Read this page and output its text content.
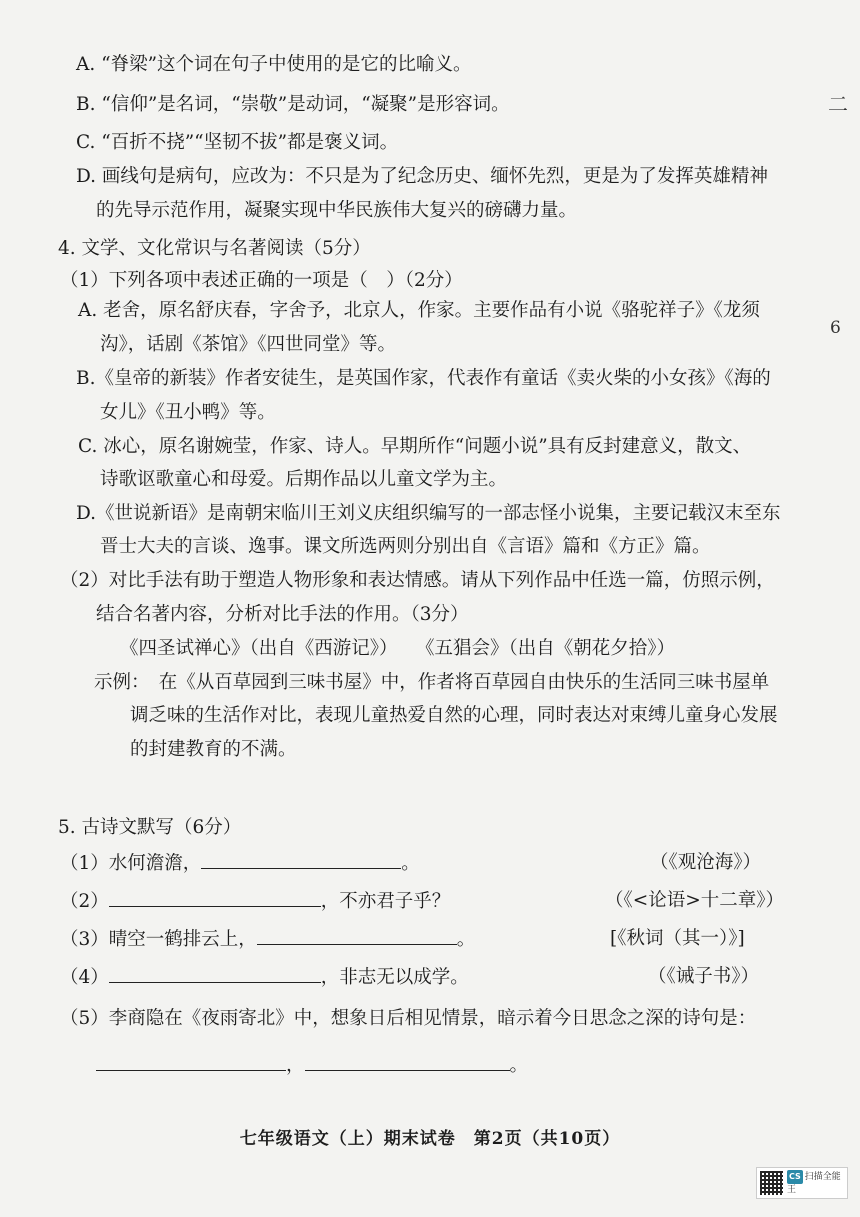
A. “脊梁”这个词在句子中使用的是它的比喻义。
B. “信仰”是名词，“崇敬”是动词，“凝聚”是形容词。
C. “百折不挠”“坚韧不拔”都是褒义词。
D. 画线句是病句，应改为：不只是为了纪念历史、缅怀先烈，更是为了发挥英雄精神
的先导示范作用，凝聚实现中华民族伟大复兴的磅礴力量。
4. 文学、文化常识与名著阅读（5分）
（1）下列各项中表述正确的一项是（　）（2分）
A. 老舍，原名舒庆春，字舍予，北京人，作家。主要作品有小说《骆驼祥子》《龙须
沟》，话剧《茶馆》《四世同堂》等。
B.《皇帝的新装》作者安徒生，是英国作家，代表作有童话《卖火柴的小女孩》《海的
女儿》《丑小鸭》等。
C. 冰心，原名谢婉莹，作家、诗人。早期所作“问题小说”具有反封建意义，散文、
诗歌讴歌童心和母爱。后期作品以儿童文学为主。
D.《世说新语》是南朝宋临川王刘义庆组织编写的一部志怪小说集，主要记载汉末至东
晋士大夫的言谈、逸事。课文所选两则分别出自《言语》篇和《方正》篇。
（2）对比手法有助于塑造人物形象和表达情感。请从下列作品中任选一篇，仿照示例，
结合名著内容，分析对比手法的作用。（3分）
《四圣试禅心》（出自《西游记》）　　《五猖会》（出自《朝花夕拾》）
示例：　在《从百草园到三味书屋》中，作者将百草园自由快乐的生活同三味书屋单
调乏味的生活作对比，表现儿童热爱自然的心理，同时表达对束缚儿童身心发展
的封建教育的不满。
5. 古诗文默写（6分）
（1）水何澹澹，	。	（《观沧海》）
（2）	，不亦君子乎？	（《<论语>十二章》）
（3）晴空一鹤排云上，	。	[《秋词（其一）》]
（4）	，非志无以成学。	（《诫子书》）
（5）李商隐在《夜雨寄北》中，想象日后相见情景，暗示着今日思念之深的诗句是：
，	。
七年级语文（上）期末试卷　第2页（共10页）
二
6
CS 扫描全能王
